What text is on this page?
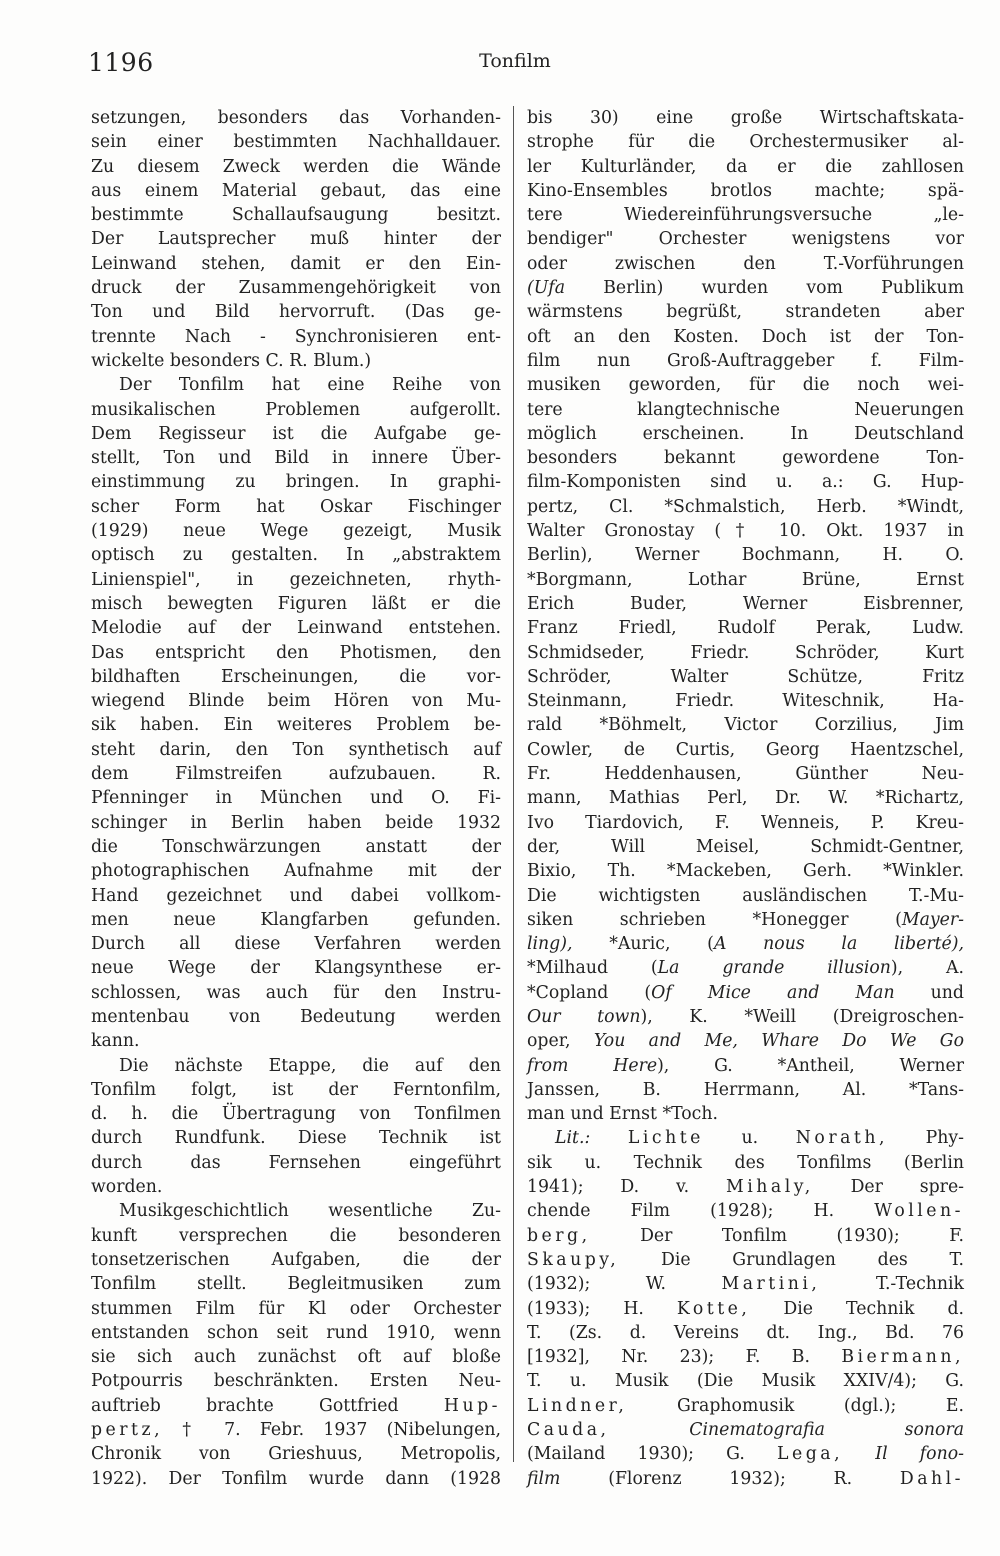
1196	Tonfilm
setzungen, besonders das Vorhanden-
sein einer bestimmten Nachhalldauer.
Zu diesem Zweck werden die Wände
aus einem Material gebaut, das eine
bestimmte Schallaufsaugung besitzt.
Der Lautsprecher muß hinter der
Leinwand stehen, damit er den Ein-
druck der Zusammengehörigkeit von
Ton und Bild hervorruft. (Das ge-
trennte Nach - Synchronisieren ent-
wickelte besonders C. R. Blum.)
Der Tonfilm hat eine Reihe von
musikalischen Problemen aufgerollt.
Dem Regisseur ist die Aufgabe ge-
stellt, Ton und Bild in innere Über-
einstimmung zu bringen. In graphi-
scher Form hat Oskar Fischinger
(1929) neue Wege gezeigt, Musik
optisch zu gestalten. In „abstraktem
Linienspiel", in gezeichneten, rhyth-
misch bewegten Figuren läßt er die
Melodie auf der Leinwand entstehen.
Das entspricht den Photismen, den
bildhaften Erscheinungen, die vor-
wiegend Blinde beim Hören von Mu-
sik haben. Ein weiteres Problem be-
steht darin, den Ton synthetisch auf
dem Filmstreifen aufzubauen. R.
Pfenninger in München und O. Fi-
schinger in Berlin haben beide 1932
die Tonschwärzungen anstatt der
photographischen Aufnahme mit der
Hand gezeichnet und dabei vollkom-
men neue Klangfarben gefunden.
Durch all diese Verfahren werden
neue Wege der Klangsynthese er-
schlossen, was auch für den Instru-
mentenbau von Bedeutung werden
kann.
Die nächste Etappe, die auf den
Tonfilm folgt, ist der Ferntonfilm,
d. h. die Übertragung von Tonfilmen
durch Rundfunk. Diese Technik ist
durch das Fernsehen eingeführt
worden.
Musikgeschichtlich wesentliche Zu-
kunft versprechen die besonderen
tonsetzerischen Aufgaben, die der
Tonfilm stellt. Begleitmusiken zum
stummen Film für Kl oder Orchester
entstanden schon seit rund 1910, wenn
sie sich auch zunächst oft auf bloße
Potpourris beschränkten. Ersten Neu-
auftrieb brachte Gottfried	Hup-
pertz, † 7. Febr. 1937 (Nibelungen,
Chronik von Grieshuus, Metropolis,
1922). Der Tonfilm wurde dann (1928
bis 30) eine große Wirtschaftskata-
strophe für die Orchestermusiker al-
ler Kulturländer, da er die zahllosen
Kino-Ensembles brotlos machte; spä-
tere Wiedereinführungsversuche „le-
bendiger" Orchester wenigstens vor
oder zwischen den T.-Vorführungen
(Ufa Berlin) wurden vom Publikum
wärmstens begrüßt, strandeten aber
oft an den Kosten. Doch ist der Ton-
film nun Groß-Auftraggeber f. Film-
musiken geworden, für die noch wei-
tere klangtechnische Neuerungen
möglich erscheinen. In Deutschland
besonders bekannt gewordene Ton-
film-Komponisten sind u. a.: G. Hup-
pertz, Cl. *Schmalstich, Herb. *Windt,
Walter Gronostay († 10. Okt. 1937 in
Berlin), Werner Bochmann, H. O.
*Borgmann, Lothar Brüne, Ernst
Erich Buder, Werner Eisbrenner,
Franz Friedl, Rudolf Perak, Ludw.
Schmidseder, Friedr. Schröder, Kurt
Schröder, Walter Schütze, Fritz
Steinmann, Friedr. Witeschnik, Ha-
rald *Böhmelt, Victor Corzilius, Jim
Cowler, de Curtis, Georg Haentzschel,
Fr. Heddenhausen, Günther Neu-
mann, Mathias Perl, Dr. W. *Richartz,
Ivo Tiardovich, F. Wenneis, P. Kreu-
der, Will Meisel, Schmidt-Gentner,
Bixio, Th. *Mackeben, Gerh. *Winkler.
Die wichtigsten ausländischen T.-Mu-
siken schrieben *Honegger (Mayer-
ling), *Auric, (A nous la liberté),
*Milhaud (La grande illusion), A.
*Copland (Of Mice and Man und
Our town), K. *Weill (Dreigroschen-
oper, You and Me, Whare Do We Go
from Here), G. *Antheil, Werner
Janssen, B. Herrmann, Al. *Tans-
man und Ernst *Toch.
Lit.: Lichte u. Norath, Phy-
sik u. Technik des Tonfilms (Berlin
1941); D. v. Mihaly, Der spre-
chende Film (1928); H. Wollen-
berg,	Der Tonfilm (1930); F.
Skaupy, Die Grundlagen des T.
(1932); W.	Martini,	T.-Technik
(1933); H. Kotte, Die Technik d.
T. (Zs. d. Vereins dt. Ing., Bd. 76
[1932], Nr. 23); F. B. Biermann,
T. u. Musik (Die Musik XXIV/4); G.
Lindner,	Graphomusik (dgl.); E.
Cauda,	Cinematografia sonora
(Mailand 1930); G. Lega, Il fono-
film	(Florenz 1932); R.	Dahl-
